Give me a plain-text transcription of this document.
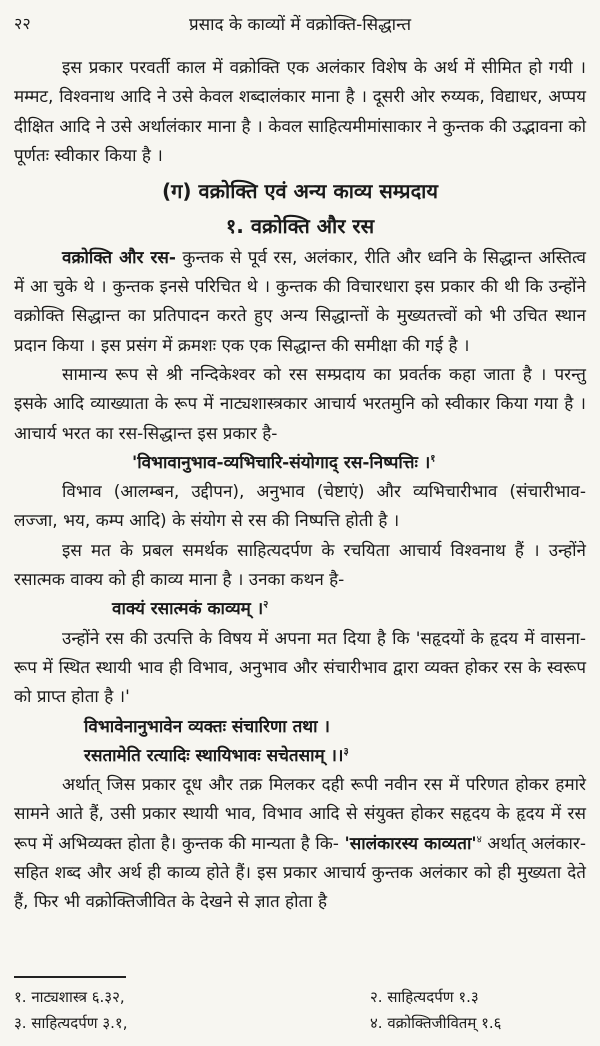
२२	प्रसाद के काव्यों में वक्रोक्ति-सिद्धान्त

इस प्रकार परवर्ती काल में वक्रोक्ति एक अलंकार विशेष के अर्थ में सीमित हो गयी । मम्मट, विश्वनाथ आदि ने उसे केवल शब्दालंकार माना है । दूसरी ओर रुय्यक, विद्याधर, अप्पय दीक्षित आदि ने उसे अर्थालंकार माना है । केवल साहित्यमीमांसाकार ने कुन्तक की उद्भावना को पूर्णतः स्वीकार किया है ।

(ग) वक्रोक्ति एवं अन्य काव्य सम्प्रदाय
१. वक्रोक्ति और रस

वक्रोक्ति और रस- कुन्तक से पूर्व रस, अलंकार, रीति और ध्वनि के सिद्धान्त अस्तित्व में आ चुके थे । कुन्तक इनसे परिचित थे । कुन्तक की विचारधारा इस प्रकार की थी कि उन्होंने वक्रोक्ति सिद्धान्त का प्रतिपादन करते हुए अन्य सिद्धान्तों के मुख्यतत्त्वों को भी उचित स्थान प्रदान किया । इस प्रसंग में क्रमशः एक एक सिद्धान्त की समीक्षा की गई है ।

सामान्य रूप से श्री नन्दिकेश्वर को रस सम्प्रदाय का प्रवर्तक कहा जाता है । परन्तु इसके आदि व्याख्याता के रूप में नाट्यशास्त्रकार आचार्य भरतमुनि को स्वीकार किया गया है । आचार्य भरत का रस-सिद्धान्त इस प्रकार है-

'विभावानुभाव-व्यभिचारि-संयोगाद् रस-निष्पत्तिः ।$^१$

विभाव (आलम्बन, उद्दीपन), अनुभाव (चेष्टाएं) और व्यभिचारीभाव (संचारीभाव- लज्जा, भय, कम्प आदि) के संयोग से रस की निष्पत्ति होती है ।

इस मत के प्रबल समर्थक साहित्यदर्पण के रचयिता आचार्य विश्वनाथ हैं । उन्होंने रसात्मक वाक्य को ही काव्य माना है । उनका कथन है-

वाक्यं रसात्मकं काव्यम् ।$^२$

उन्होंने रस की उत्पत्ति के विषय में अपना मत दिया है कि 'सहृदयों के हृदय में वासना-रूप में स्थित स्थायी भाव ही विभाव, अनुभाव और संचारीभाव द्वारा व्यक्त होकर रस के स्वरूप को प्राप्त होता है ।'

विभावेनानुभावेन व्यक्तः संचारिणा तथा ।

रसतामेति रत्यादिः स्थायिभावः सचेतसाम् ।।$^३$

अर्थात् जिस प्रकार दूध और तक्र मिलकर दही रूपी नवीन रस में परिणत होकर हमारे सामने आते हैं, उसी प्रकार स्थायी भाव, विभाव आदि से संयुक्त होकर सहृदय के हृदय में रस रूप में अभिव्यक्त होता है। कुन्तक की मान्यता है कि- 'सालंकारस्य $काव्यता'^४$ अर्थात् अलंकार-सहित शब्द और अर्थ ही काव्य होते हैं। इस प्रकार आचार्य कुन्तक अलंकार को ही मुख्यता देते हैं, फिर भी वक्रोक्तिजीवित के देखने से ज्ञात होता है

१. नाट्यशास्त्र ६.३२,	२. साहित्यदर्पण १.३
३. साहित्यदर्पण ३.१,	४. वक्रोक्तिजीवितम् १.६
